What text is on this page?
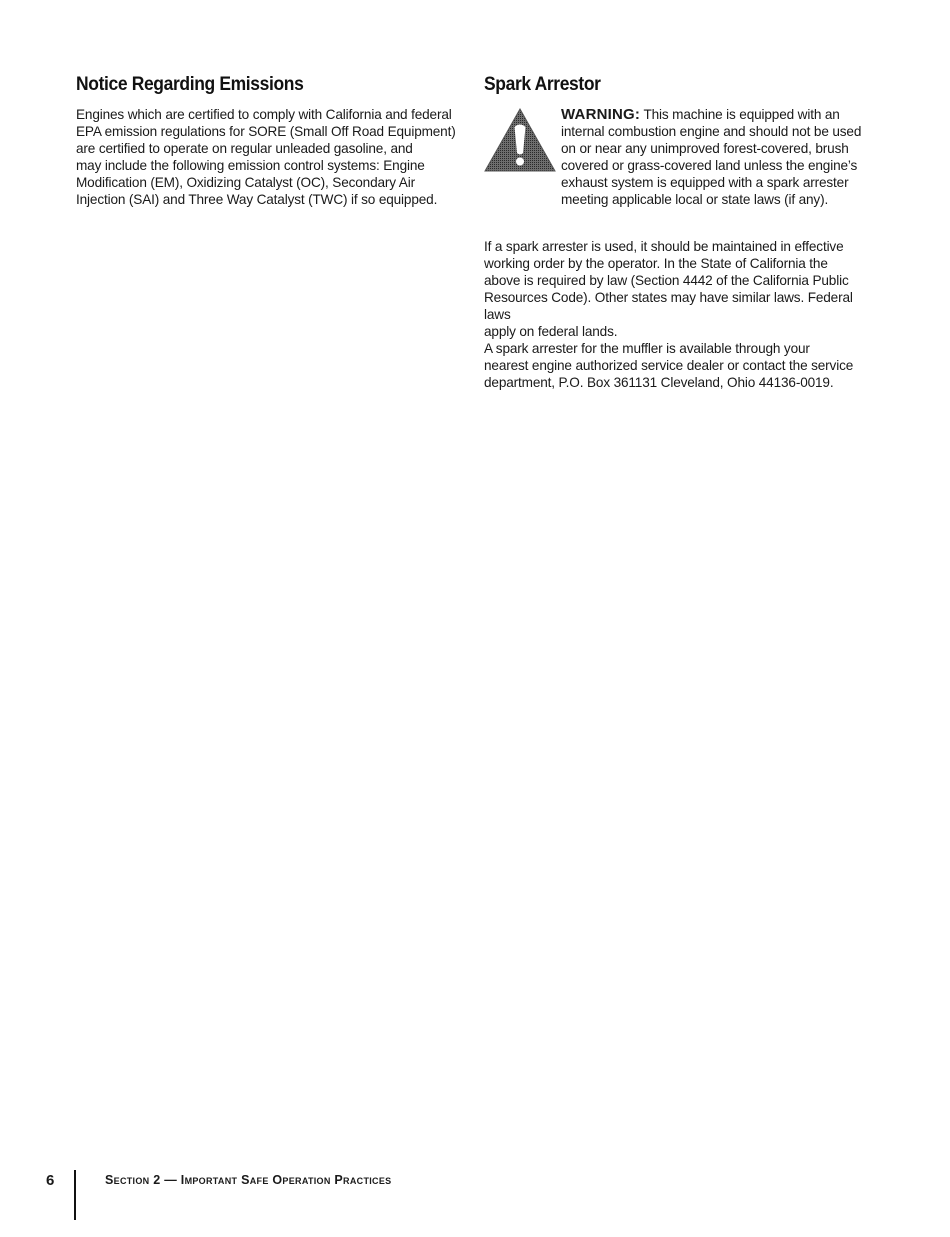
Notice Regarding Emissions

Engines which are certified to comply with California and federal
EPA emission regulations for SORE (Small Off Road Equipment)
are certified to operate on regular unleaded gasoline, and
may include the following emission control systems: Engine
Modification (EM), Oxidizing Catalyst (OC), Secondary Air
Injection (SAI) and Three Way Catalyst (TWC) if so equipped.

Spark Arrestor
WARNING: This machine is equipped with an
internal combustion engine and should not be used
on or near any unimproved forest-covered, brush
covered or grass-covered land unless the engine’s
exhaust system is equipped with a spark arrester
meeting applicable local or state laws (if any).

If a spark arrester is used, it should be maintained in effective
working order by the operator. In the State of California the
above is required by law (Section 4442 of the California Public
Resources Code). Other states may have similar laws. Federal laws
apply on federal lands.

A spark arrester for the muffler is available through your
nearest engine authorized service dealer or contact the service
department, P.O. Box 361131 Cleveland, Ohio 44136-0019.

6	Section 2 — Important Safe Operation Practices
